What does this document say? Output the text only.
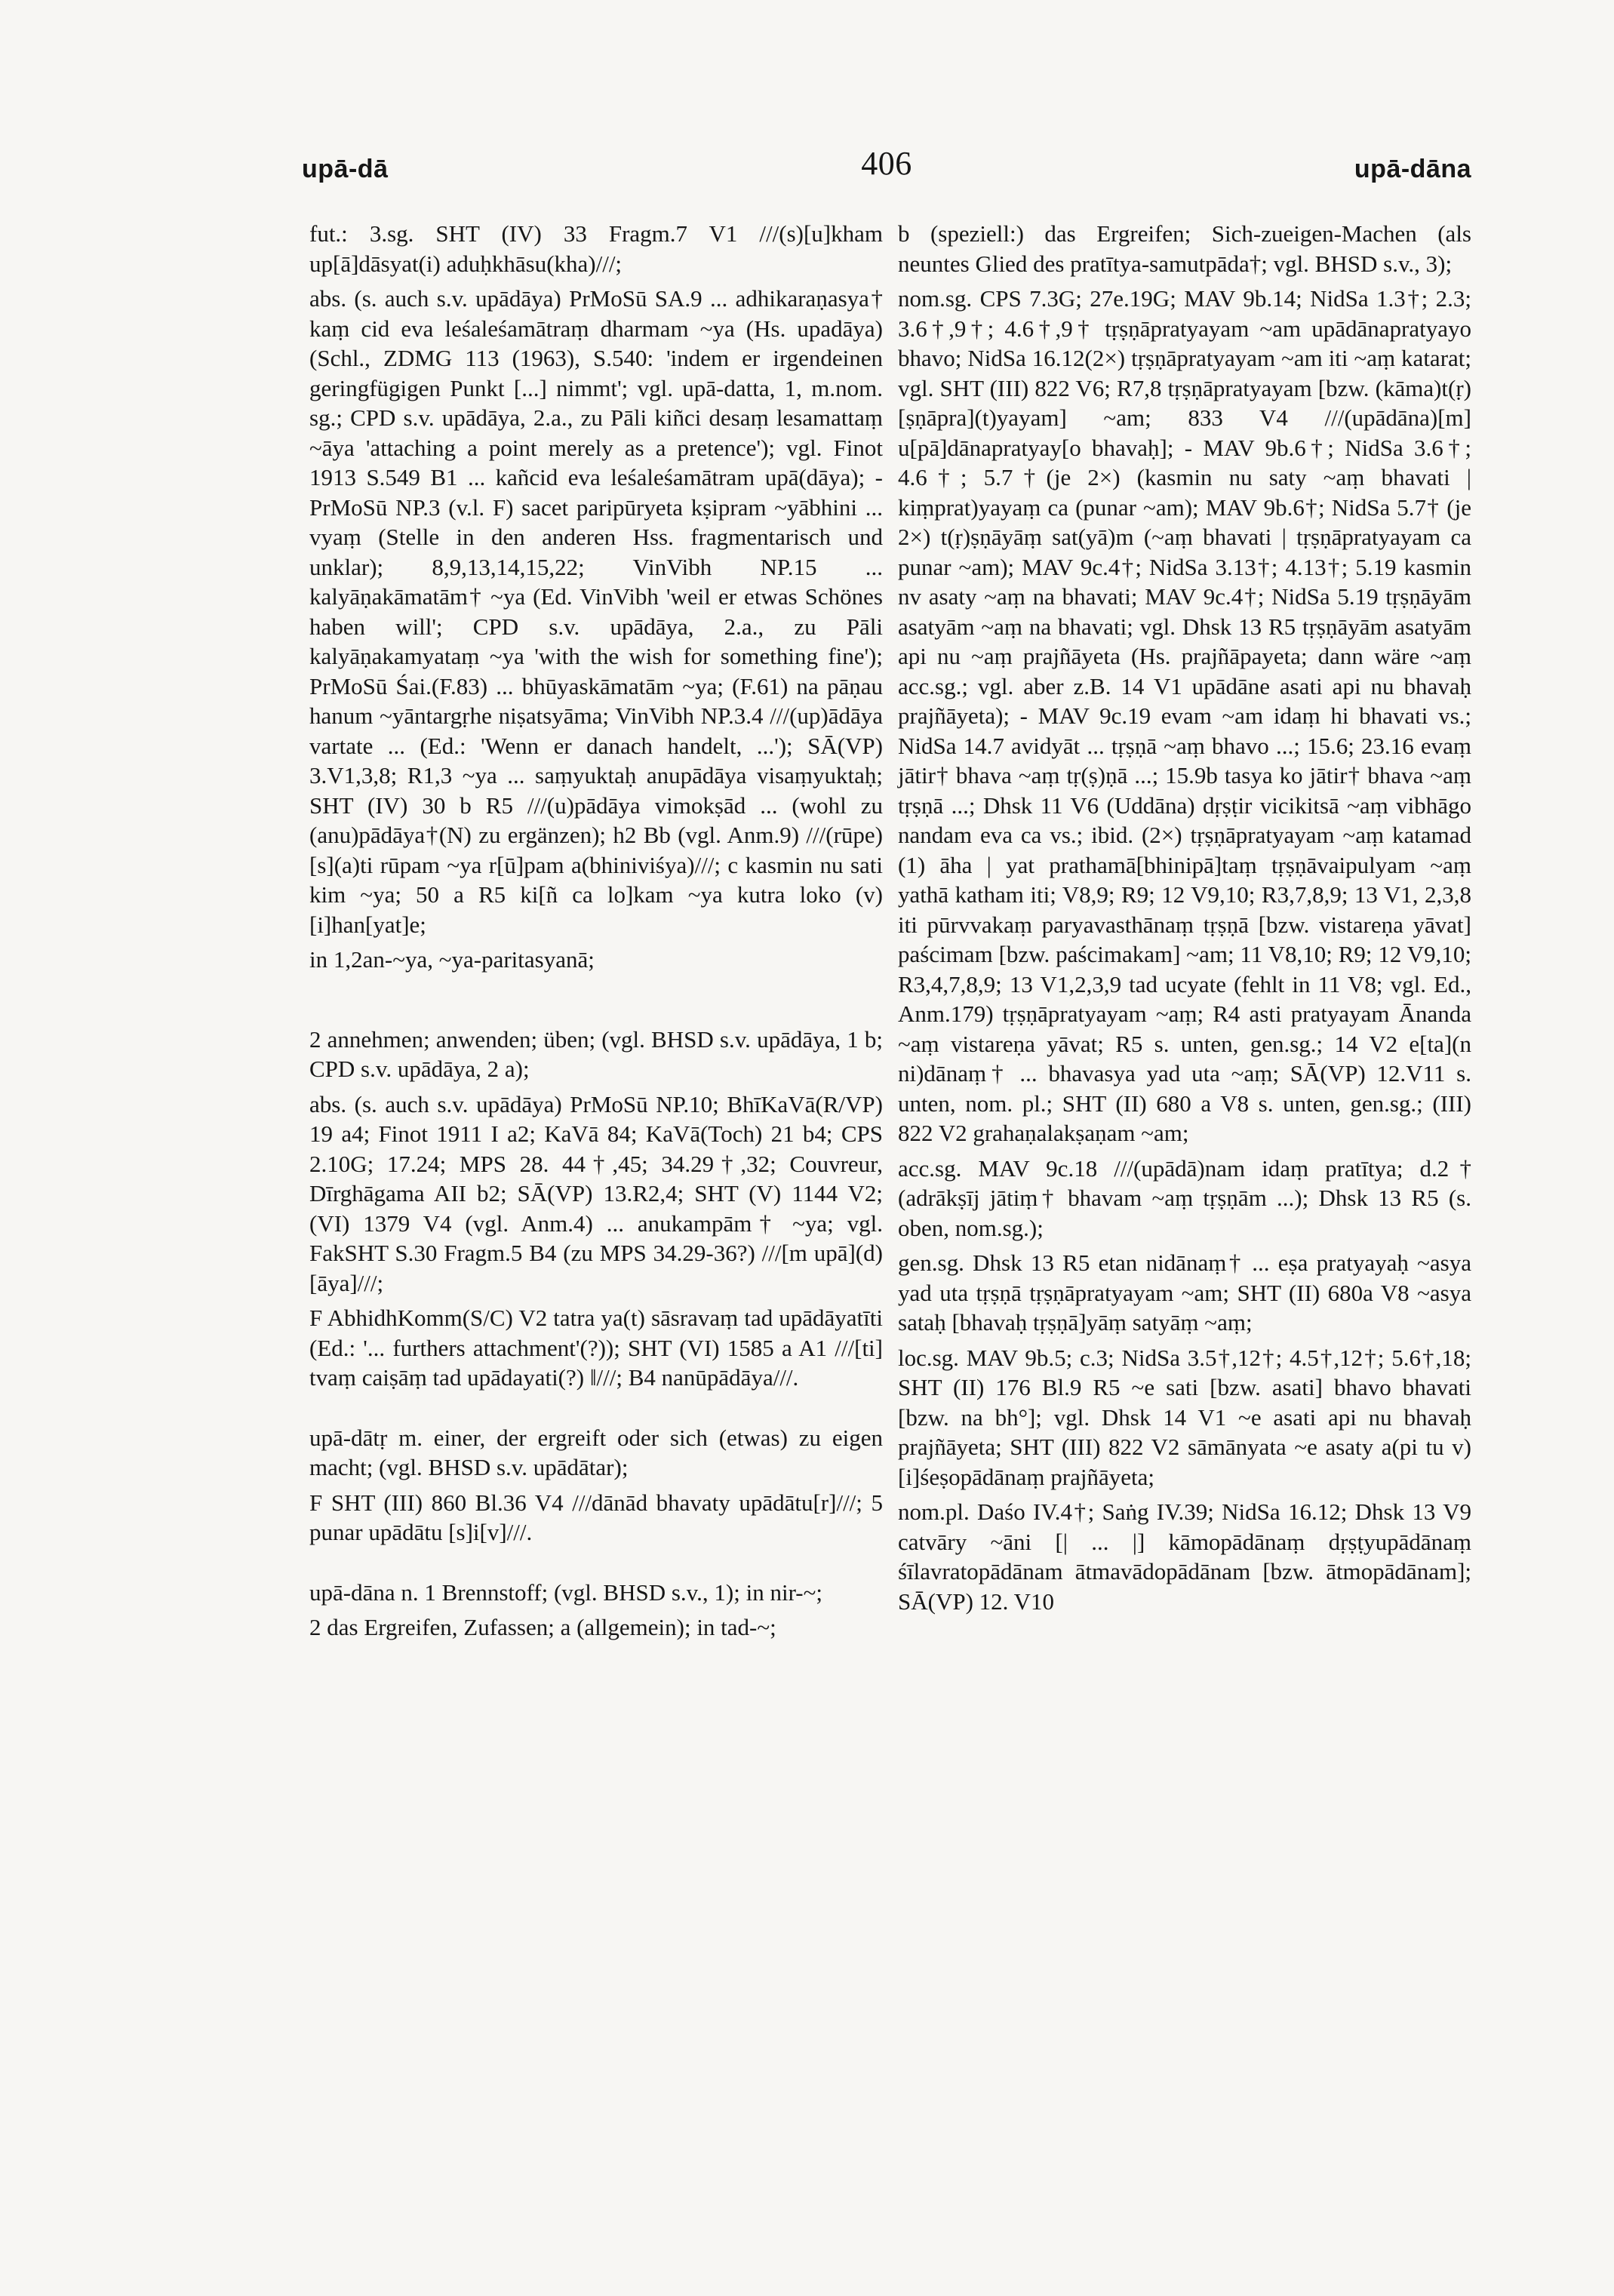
upā-dā	406	upā-dāna

fut.: 3.sg. SHT (IV) 33 Fragm.7 V1 ///(s)[u]kham up[ā]dāsyat(i) aduḥkhāsu(kha)///;

abs. (s. auch s.v. upādāya) PrMoSū SA.9 ... adhikaraṇasya† kaṃ cid eva leśaleśamātraṃ dharmam ~ya (Hs. upadāya) (Schl., ZDMG 113 (1963), S.540: 'indem er irgendeinen geringfügigen Punkt [...] nimmt'; vgl. upā-datta, 1, m.nom. sg.; CPD s.v. upādāya, 2.a., zu Pāli kiñci desaṃ lesamattaṃ ~āya 'attaching a point merely as a pretence'); vgl. Finot 1913 S.549 B1 ... kañcid eva leśaleśamātram upā(dāya); - PrMoSū NP.3 (v.l. F) sacet paripūryeta kṣipram ~yābhini ... vyaṃ (Stelle in den anderen Hss. fragmentarisch und unklar); 8,9,13,14,15,22; VinVibh NP.15 ... kalyāṇakāmatām† ~ya (Ed. VinVibh 'weil er etwas Schönes haben will'; CPD s.v. upādāya, 2.a., zu Pāli kalyāṇakamyataṃ ~ya 'with the wish for something fine'); PrMoSū Śai.(F.83) ... bhūyaskāmatām ~ya; (F.61) na pāṇau hanum ~yāntargṛhe niṣatsyāma; VinVibh NP.3.4 ///(up)ādāya vartate ... (Ed.: 'Wenn er danach handelt, ...'); SĀ(VP) 3.V1,3,8; R1,3 ~ya ... saṃyuktaḥ anupādāya visaṃyuktaḥ; SHT (IV) 30 b R5 ///(u)pādāya vimokṣād ... (wohl zu (anu)pādāya†(N) zu ergänzen); h2 Bb (vgl. Anm.9) ///(rūpe) [s](a)ti rūpam ~ya r[ū]pam a(bhiniviśya)///; c kasmin nu sati kim ~ya; 50 a R5 ki[ñ ca lo]kam ~ya kutra loko (v)[i]han[yat]e;

in 1,2an-~ya, ~ya-paritasyanā;

2 annehmen; anwenden; üben; (vgl. BHSD s.v. upādāya, 1 b; CPD s.v. upādāya, 2 a);

abs. (s. auch s.v. upādāya) PrMoSū NP.10; BhīKaVā(R/VP) 19 a4; Finot 1911 I a2; KaVā 84; KaVā(Toch) 21 b4; CPS 2.10G; 17.24; MPS 28. 44†,45; 34.29†,32; Couvreur, Dīrghāgama AII b2; SĀ(VP) 13.R2,4; SHT (V) 1144 V2; (VI) 1379 V4 (vgl. Anm.4) ... anukampām† ~ya; vgl. FakSHT S.30 Fragm.5 B4 (zu MPS 34.29-36?) ///[m upā](d)[āya]///;

F AbhidhKomm(S/C) V2 tatra ya(t) sāsravaṃ tad upādāyatīti (Ed.: '... furthers attachment'(?)); SHT (VI) 1585 a A1 ///[ti] tvaṃ caiṣāṃ tad upādayati(?) ‖///; B4 nanūpādāya///.

upā-dātṛ m. einer, der ergreift oder sich (etwas) zu eigen macht; (vgl. BHSD s.v. upādātar);

F SHT (III) 860 Bl.36 V4 ///dānād bhavaty upādātu[r]///; 5 punar upādātu [s]i[v]///.

upā-dāna n. 1 Brennstoff; (vgl. BHSD s.v., 1); in nir-~;

2 das Ergreifen, Zufassen; a (allgemein); in tad-~;

b (speziell:) das Ergreifen; Sich-zueigen-Machen (als neuntes Glied des pratītya-samutpāda†; vgl. BHSD s.v., 3);

nom.sg. CPS 7.3G; 27e.19G; MAV 9b.14; NidSa 1.3†; 2.3; 3.6†,9†; 4.6†,9† tṛṣṇāpratyayam ~am upādānapratyayo bhavo; NidSa 16.12(2×) tṛṣṇāpratyayam ~am iti ~aṃ katarat; vgl. SHT (III) 822 V6; R7,8 tṛṣṇāpratyayam [bzw. (kāma)t(ṛ)[ṣṇāpra](t)yayam] ~am; 833 V4 ///(upādāna)[m] u[pā]dānapratyay[o bhavaḥ]; - MAV 9b.6†; NidSa 3.6†; 4.6†; 5.7†(je 2×) (kasmin nu saty ~aṃ bhavati | kiṃprat)yayaṃ ca (punar ~am); MAV 9b.6†; NidSa 5.7† (je 2×) t(ṛ)ṣṇāyāṃ sat(yā)m (~aṃ bhavati | tṛṣṇāpratyayam ca punar ~am); MAV 9c.4†; NidSa 3.13†; 4.13†; 5.19 kasmin nv asaty ~aṃ na bhavati; MAV 9c.4†; NidSa 5.19 tṛṣṇāyām asatyām ~aṃ na bhavati; vgl. Dhsk 13 R5 tṛṣṇāyām asatyām api nu ~aṃ prajñāyeta (Hs. prajñāpayeta; dann wäre ~aṃ acc.sg.; vgl. aber z.B. 14 V1 upādāne asati api nu bhavaḥ prajñāyeta); - MAV 9c.19 evam ~am idaṃ hi bhavati vs.; NidSa 14.7 avidyāt ... tṛṣṇā ~aṃ bhavo ...; 15.6; 23.16 evaṃ jātir† bhava ~aṃ tṛ(ṣ)ṇā ...; 15.9b tasya ko jātir† bhava ~aṃ tṛṣṇā ...; Dhsk 11 V6 (Uddāna) dṛṣṭir vicikitsā ~aṃ vibhāgo nandam eva ca vs.; ibid. (2×) tṛṣṇāpratyayam ~aṃ katamad (1) āha | yat prathamā[bhinipā]taṃ tṛṣṇāvaipulyam ~aṃ yathā katham iti; V8,9; R9; 12 V9,10; R3,7,8,9; 13 V1, 2,3,8 iti pūrvvakaṃ paryavasthānaṃ tṛṣṇā [bzw. vistareṇa yāvat] paścimam [bzw. paścimakam] ~am; 11 V8,10; R9; 12 V9,10; R3,4,7,8,9; 13 V1,2,3,9 tad ucyate (fehlt in 11 V8; vgl. Ed., Anm.179) tṛṣṇāpratyayam ~aṃ; R4 asti pratyayam Ānanda ~aṃ vistareṇa yāvat; R5 s. unten, gen.sg.; 14 V2 e[ta](n ni)dānaṃ† ... bhavasya yad uta ~aṃ; SĀ(VP) 12.V11 s. unten, nom. pl.; SHT (II) 680 a V8 s. unten, gen.sg.; (III) 822 V2 grahaṇalakṣaṇam ~am;

acc.sg. MAV 9c.18 ///(upādā)nam idaṃ pratītya; d.2† (adrākṣīj jātiṃ† bhavam ~aṃ tṛṣṇām ...); Dhsk 13 R5 (s. oben, nom.sg.);

gen.sg. Dhsk 13 R5 etan nidānaṃ† ... eṣa pratyayaḥ ~asya yad uta tṛṣṇā tṛṣṇāpratyayam ~am; SHT (II) 680a V8 ~asya sataḥ [bhavaḥ tṛṣṇā]yāṃ satyāṃ ~aṃ;

loc.sg. MAV 9b.5; c.3; NidSa 3.5†,12†; 4.5†,12†; 5.6†,18; SHT (II) 176 Bl.9 R5 ~e sati [bzw. asati] bhavo bhavati [bzw. na bh°]; vgl. Dhsk 14 V1 ~e asati api nu bhavaḥ prajñāyeta; SHT (III) 822 V2 sāmānyata ~e asaty a(pi tu v)[i]śeṣopādānaṃ prajñāyeta;

nom.pl. Daśo IV.4†; Saṅg IV.39; NidSa 16.12; Dhsk 13 V9 catvāry ~āni [| ... |] kāmopādānaṃ dṛṣṭyupādānaṃ śīlavratopādānam ātmavādopādānam [bzw. ātmopādānam]; SĀ(VP) 12. V10
